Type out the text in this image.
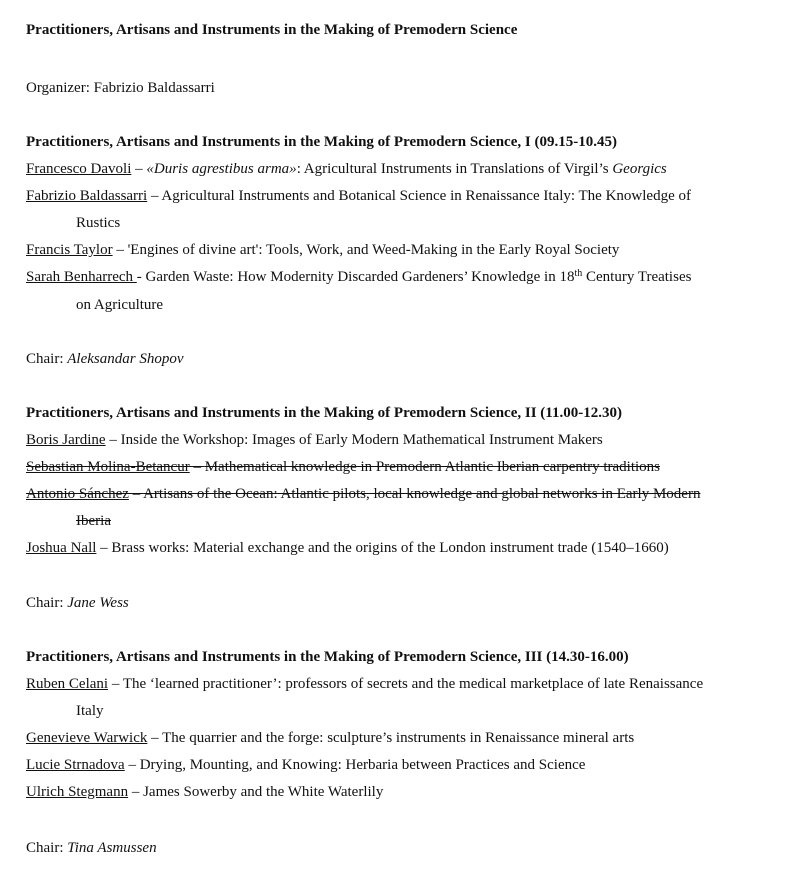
Practitioners, Artisans and Instruments in the Making of Premodern Science
Organizer: Fabrizio Baldassarri
Practitioners, Artisans and Instruments in the Making of Premodern Science, I (09.15-10.45)
Francesco Davoli – «Duris agrestibus arma»: Agricultural Instruments in Translations of Virgil’s Georgics
Fabrizio Baldassarri – Agricultural Instruments and Botanical Science in Renaissance Italy: The Knowledge of
Rustics
Francis Taylor – 'Engines of divine art': Tools, Work, and Weed-Making in the Early Royal Society
Sarah Benharrech - Garden Waste: How Modernity Discarded Gardeners’ Knowledge in 18th Century Treatises
on Agriculture
Chair: Aleksandar Shopov
Practitioners, Artisans and Instruments in the Making of Premodern Science, II (11.00-12.30)
Boris Jardine – Inside the Workshop: Images of Early Modern Mathematical Instrument Makers
Sebastian Molina-Betancur – Mathematical knowledge in Premodern Atlantic Iberian carpentry traditions
Antonio Sánchez – Artisans of the Ocean: Atlantic pilots, local knowledge and global networks in Early Modern
Iberia
Joshua Nall – Brass works: Material exchange and the origins of the London instrument trade (1540–1660)
Chair: Jane Wess
Practitioners, Artisans and Instruments in the Making of Premodern Science, III (14.30-16.00)
Ruben Celani – The ‘learned practitioner’: professors of secrets and the medical marketplace of late Renaissance
Italy
Genevieve Warwick – The quarrier and the forge: sculpture’s instruments in Renaissance mineral arts
Lucie Strnadova – Drying, Mounting, and Knowing: Herbaria between Practices and Science
Ulrich Stegmann – James Sowerby and the White Waterlily
Chair: Tina Asmussen
